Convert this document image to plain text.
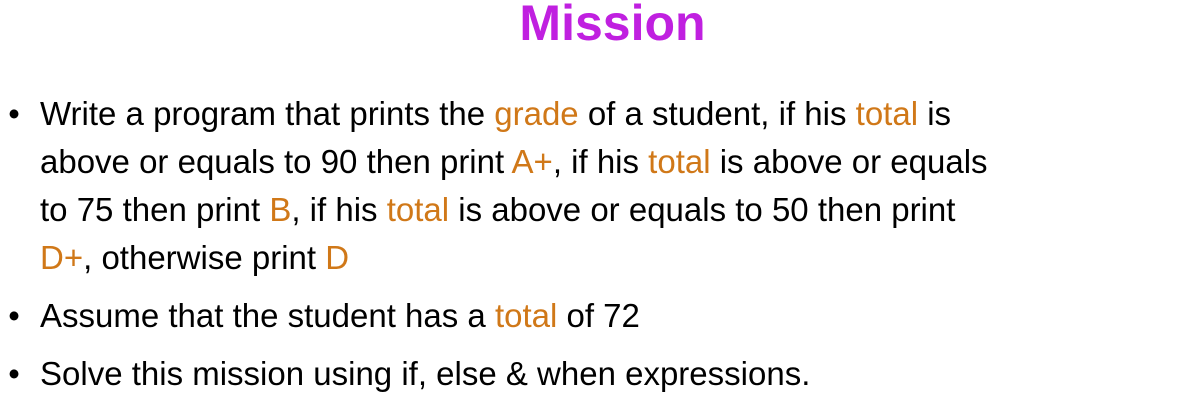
Mission
• Write a program that prints the grade of a student, if his total is
above or equals to 90 then print A+, if his total is above or equals
to 75 then print B, if his total is above or equals to 50 then print
D+, otherwise print D
• Assume that the student has a total of 72
• Solve this mission using if, else & when expressions.
